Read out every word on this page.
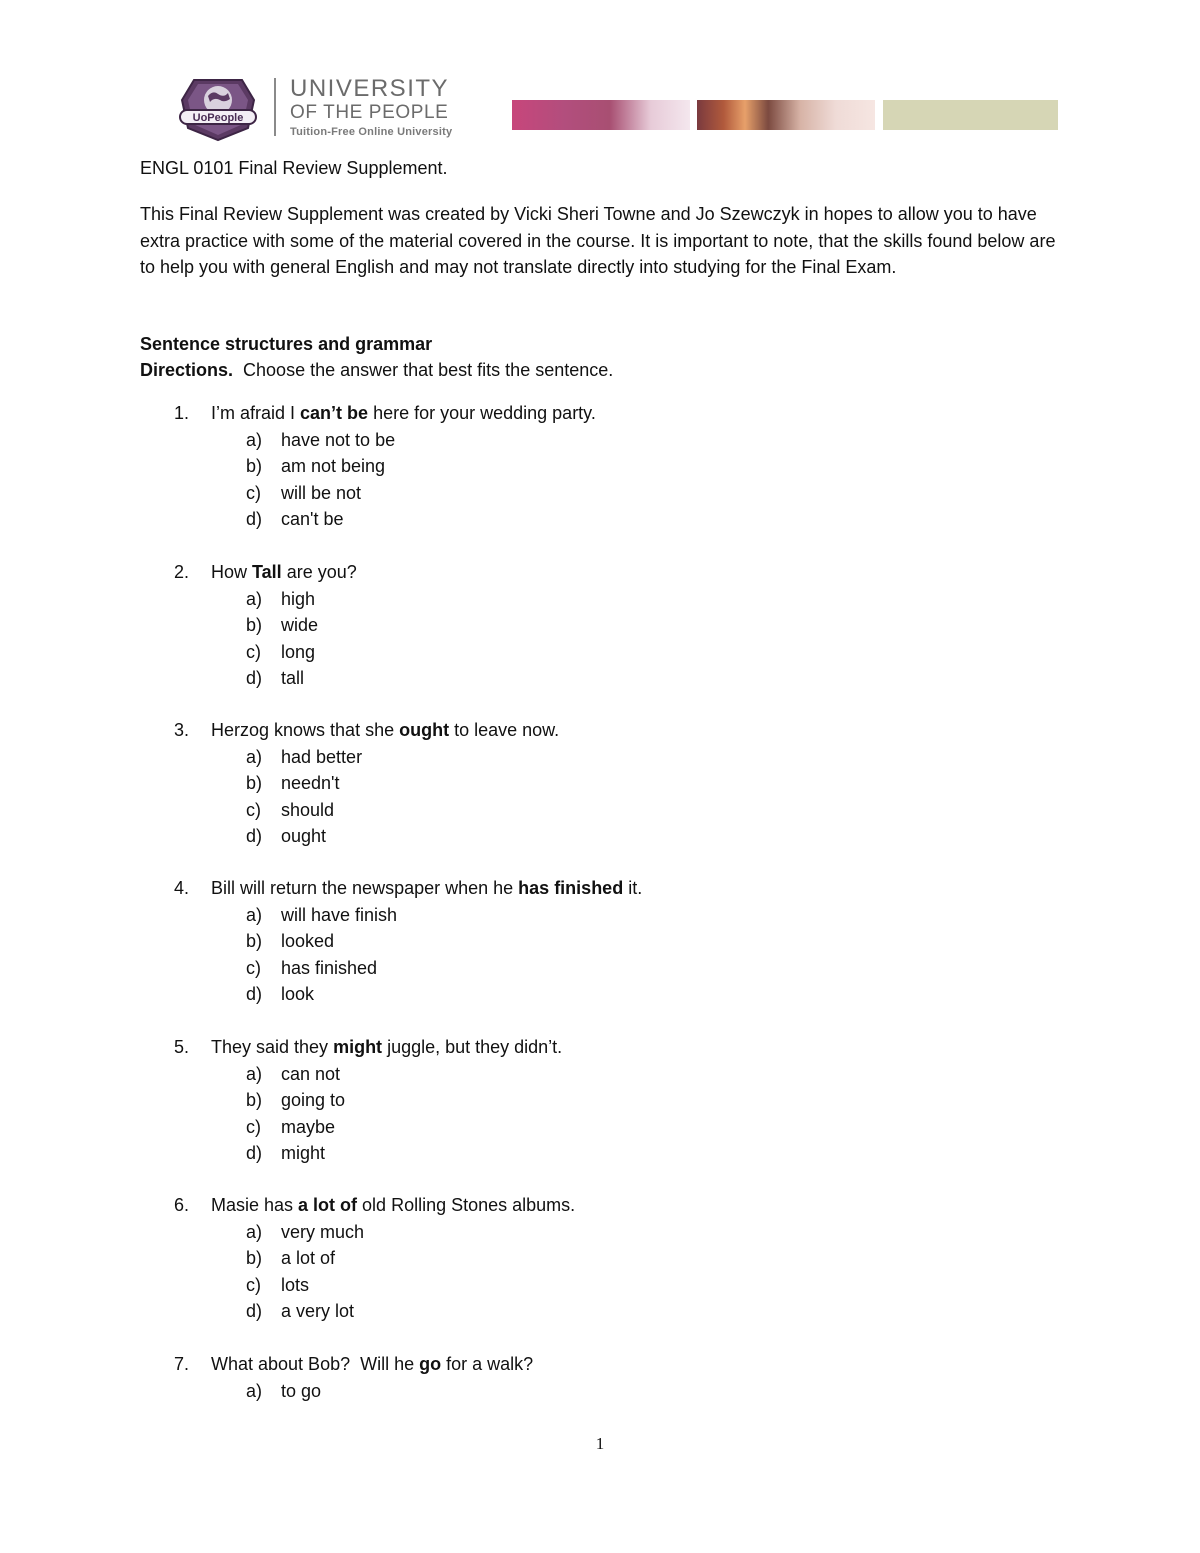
UoPeople
UNIVERSITY
OF THE PEOPLE
Tuition-Free Online University
ENGL 0101 Final Review Supplement.
This Final Review Supplement was created by Vicki Sheri Towne and Jo Szewczyk in hopes to allow you to have extra practice with some of the material covered in the course. It is important to note, that the skills found below are to help you with general English and may not translate directly into studying for the Final Exam.
Sentence structures and grammar
Directions.  Choose the answer that best fits the sentence.
1. I’m afraid I can’t be here for your wedding party.
a) have not to be
b) am not being
c) will be not
d) can't be
2. How Tall are you?
a) high
b) wide
c) long
d) tall
3. Herzog knows that she ought to leave now.
a) had better
b) needn't
c) should
d) ought
4. Bill will return the newspaper when he has finished it.
a) will have finish
b) looked
c) has finished
d) look
5. They said they might juggle, but they didn’t.
a) can not
b) going to
c) maybe
d) might
6. Masie has a lot of old Rolling Stones albums.
a) very much
b) a lot of
c) lots
d) a very lot
7. What about Bob?  Will he go for a walk?
a) to go
1
